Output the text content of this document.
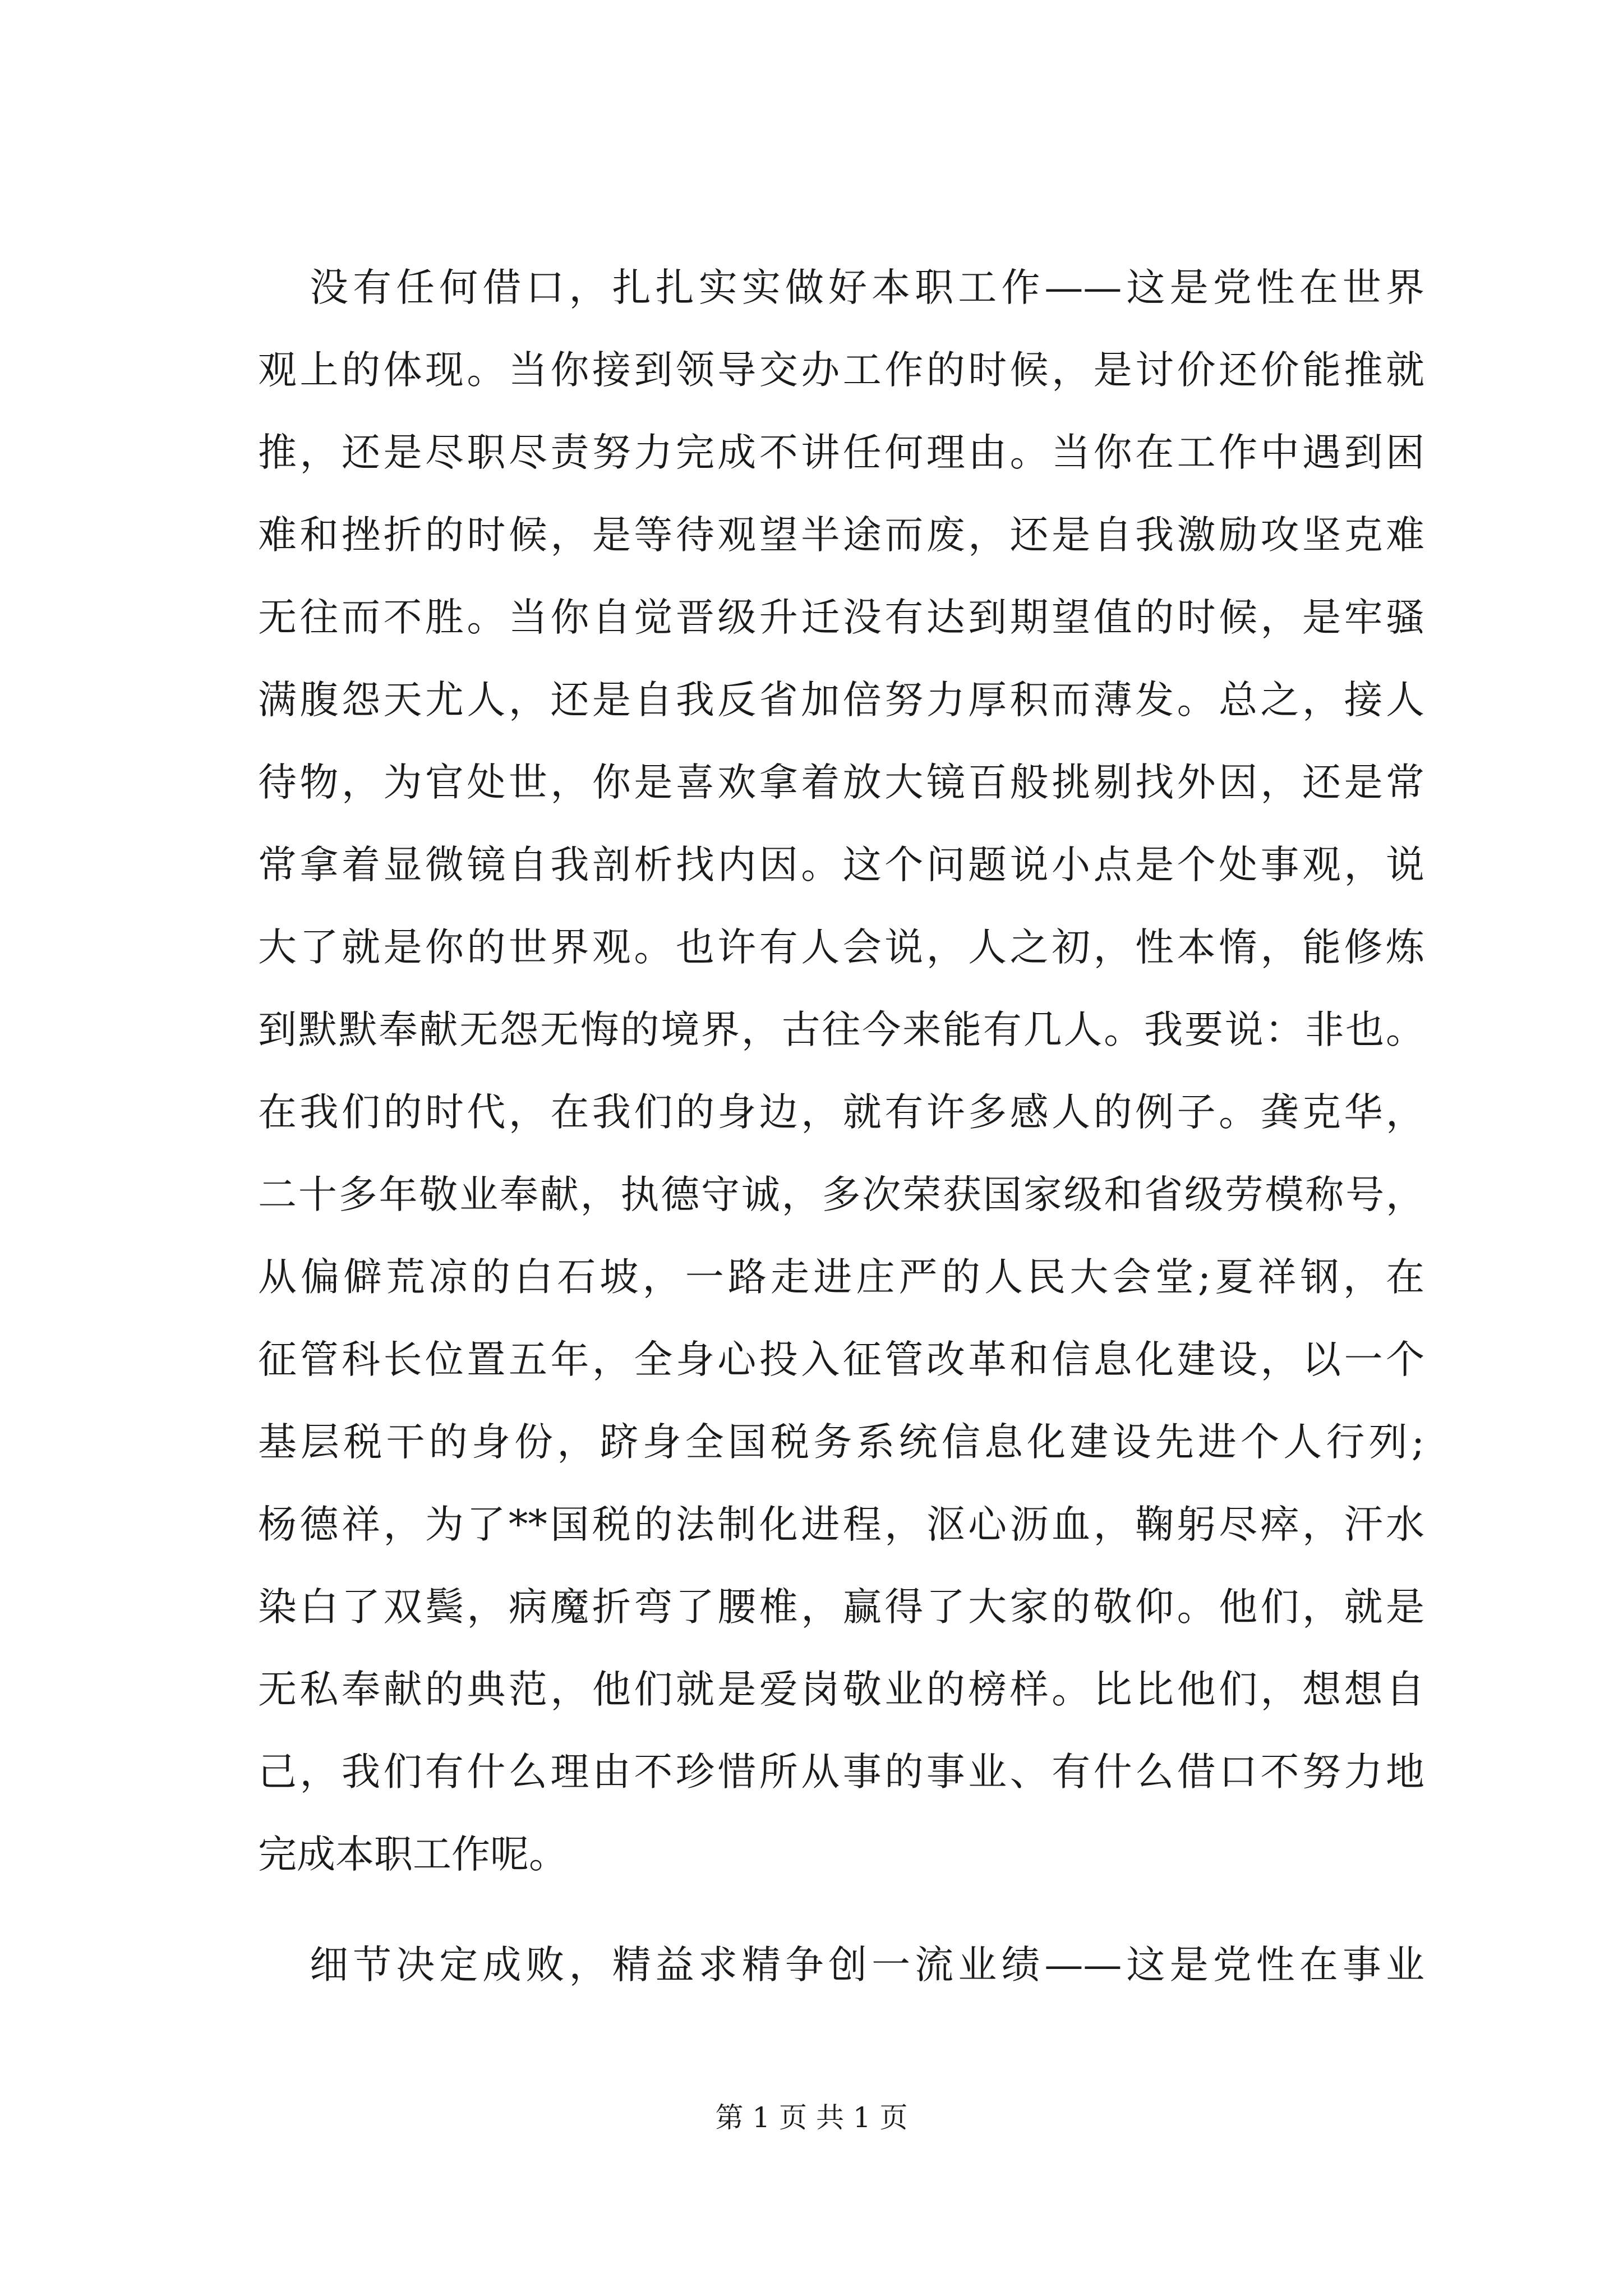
没有任何借口，扎扎实实做好本职工作——这是党性在世界
观上的体现。当你接到领导交办工作的时候，是讨价还价能推就
推，还是尽职尽责努力完成不讲任何理由。当你在工作中遇到困
难和挫折的时候，是等待观望半途而废，还是自我激励攻坚克难
无往而不胜。当你自觉晋级升迁没有达到期望值的时候，是牢骚
满腹怨天尤人，还是自我反省加倍努力厚积而薄发。总之，接人
待物，为官处世，你是喜欢拿着放大镜百般挑剔找外因，还是常
常拿着显微镜自我剖析找内因。这个问题说小点是个处事观，说
大了就是你的世界观。也许有人会说，人之初，性本惰，能修炼
到默默奉献无怨无悔的境界，古往今来能有几人。我要说：非也。
在我们的时代，在我们的身边，就有许多感人的例子。龚克华，
二十多年敬业奉献，执德守诚，多次荣获国家级和省级劳模称号，
从偏僻荒凉的白石坡，一路走进庄严的人民大会堂;夏祥钢，在
征管科长位置五年，全身心投入征管改革和信息化建设，以一个
基层税干的身份，跻身全国税务系统信息化建设先进个人行列;
杨德祥，为了**国税的法制化进程，沤心沥血，鞠躬尽瘁，汗水
染白了双鬓，病魔折弯了腰椎，赢得了大家的敬仰。他们，就是
无私奉献的典范，他们就是爱岗敬业的榜样。比比他们，想想自
己，我们有什么理由不珍惜所从事的事业、有什么借口不努力地
完成本职工作呢。
细节决定成败，精益求精争创一流业绩——这是党性在事业
第 1 页 共 1 页
